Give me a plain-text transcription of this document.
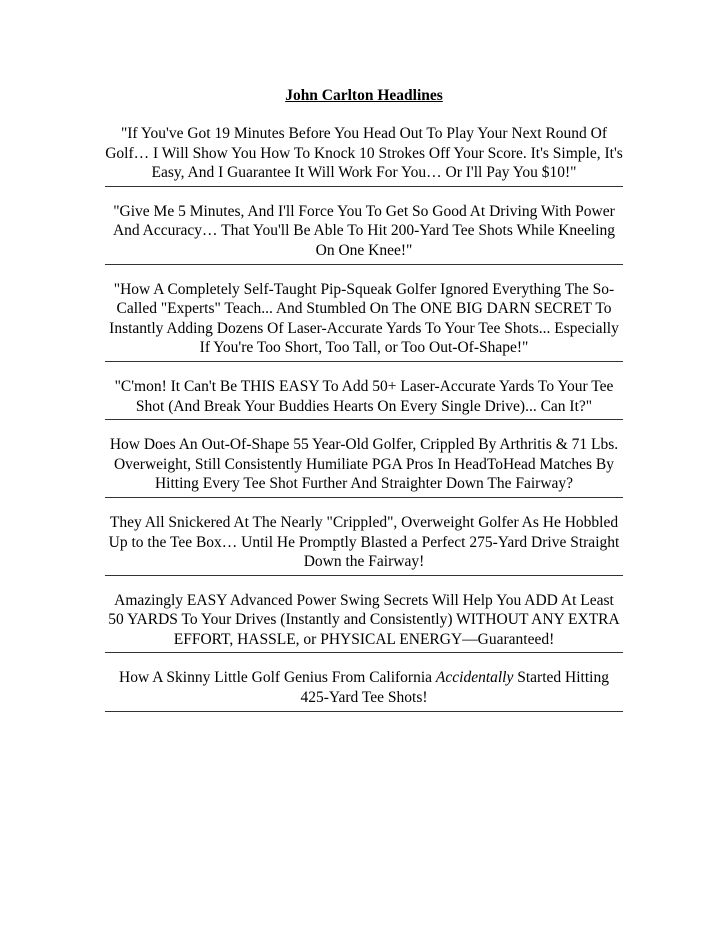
John Carlton Headlines
"If You've Got 19 Minutes Before You Head Out To Play Your Next Round Of Golf… I Will Show You How To Knock 10 Strokes Off Your Score. It's Simple, It's Easy, And I Guarantee It Will Work For You… Or I'll Pay You $10!"
"Give Me 5 Minutes, And I'll Force You To Get So Good At Driving With Power And Accuracy… That You'll Be Able To Hit 200-Yard Tee Shots While Kneeling On One Knee!"
"How A Completely Self-Taught Pip-Squeak Golfer Ignored Everything The So-Called "Experts" Teach... And Stumbled On The ONE BIG DARN SECRET To Instantly Adding Dozens Of Laser-Accurate Yards To Your Tee Shots... Especially If You're Too Short, Too Tall, or Too Out-Of-Shape!"
"C'mon! It Can't Be THIS EASY To Add 50+ Laser-Accurate Yards To Your Tee Shot (And Break Your Buddies Hearts On Every Single Drive)... Can It?"
How Does An Out-Of-Shape 55 Year-Old Golfer, Crippled By Arthritis & 71 Lbs. Overweight, Still Consistently Humiliate PGA Pros In HeadToHead Matches By Hitting Every Tee Shot Further And Straighter Down The Fairway?
They All Snickered At The Nearly "Crippled", Overweight Golfer As He Hobbled Up to the Tee Box… Until He Promptly Blasted a Perfect 275-Yard Drive Straight Down the Fairway!
Amazingly EASY Advanced Power Swing Secrets Will Help You ADD At Least 50 YARDS To Your Drives (Instantly and Consistently) WITHOUT ANY EXTRA EFFORT, HASSLE, or PHYSICAL ENERGY—Guaranteed!
How A Skinny Little Golf Genius From California Accidentally Started Hitting 425-Yard Tee Shots!
